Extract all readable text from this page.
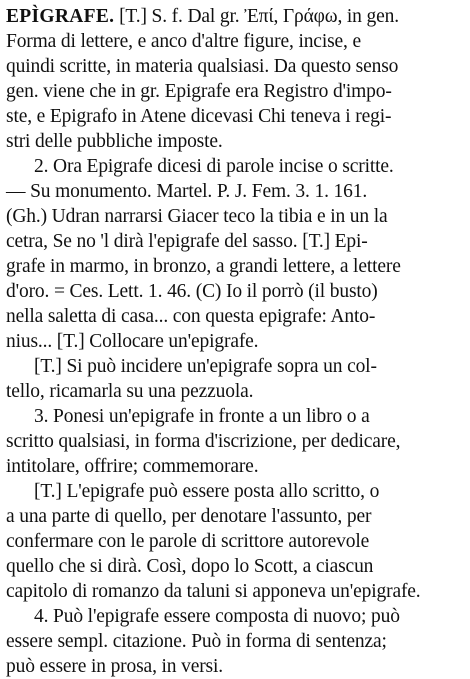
EPÌGRAFE. [T.] S. f. Dal gr. Ἐπί, Γράφω, in gen.
Forma di lettere, e anco d'altre figure, incise, e
quindi scritte, in materia qualsiasi. Da questo senso
gen. viene che in gr. Epigrafe era Registro d'impo-
ste, e Epigrafo in Atene dicevasi Chi teneva i regi-
stri delle pubbliche imposte.
2. Ora Epigrafe dicesi di parole incise o scritte.
— Su monumento. Martel. P. J. Fem. 3. 1. 161.
(Gh.) Udran narrarsi Giacer teco la tibia e in un la
cetra, Se no 'l dirà l'epigrafe del sasso. [T.] Epi-
grafe in marmo, in bronzo, a grandi lettere, a lettere
d'oro. = Ces. Lett. 1. 46. (C) Io il porrò (il busto)
nella saletta di casa... con questa epigrafe: Anto-
nius... [T.] Collocare un'epigrafe.
[T.] Si può incidere un'epigrafe sopra un col-
tello, ricamarla su una pezzuola.
3. Ponesi un'epigrafe in fronte a un libro o a
scritto qualsiasi, in forma d'iscrizione, per dedicare,
intitolare, offrire; commemorare.
[T.] L'epigrafe può essere posta allo scritto, o
a una parte di quello, per denotare l'assunto, per
confermare con le parole di scrittore autorevole
quello che si dirà. Così, dopo lo Scott, a ciascun
capitolo di romanzo da taluni si apponeva un'epigrafe.
4. Può l'epigrafe essere composta di nuovo; può
essere sempl. citazione. Può in forma di sentenza;
può essere in prosa, in versi.
